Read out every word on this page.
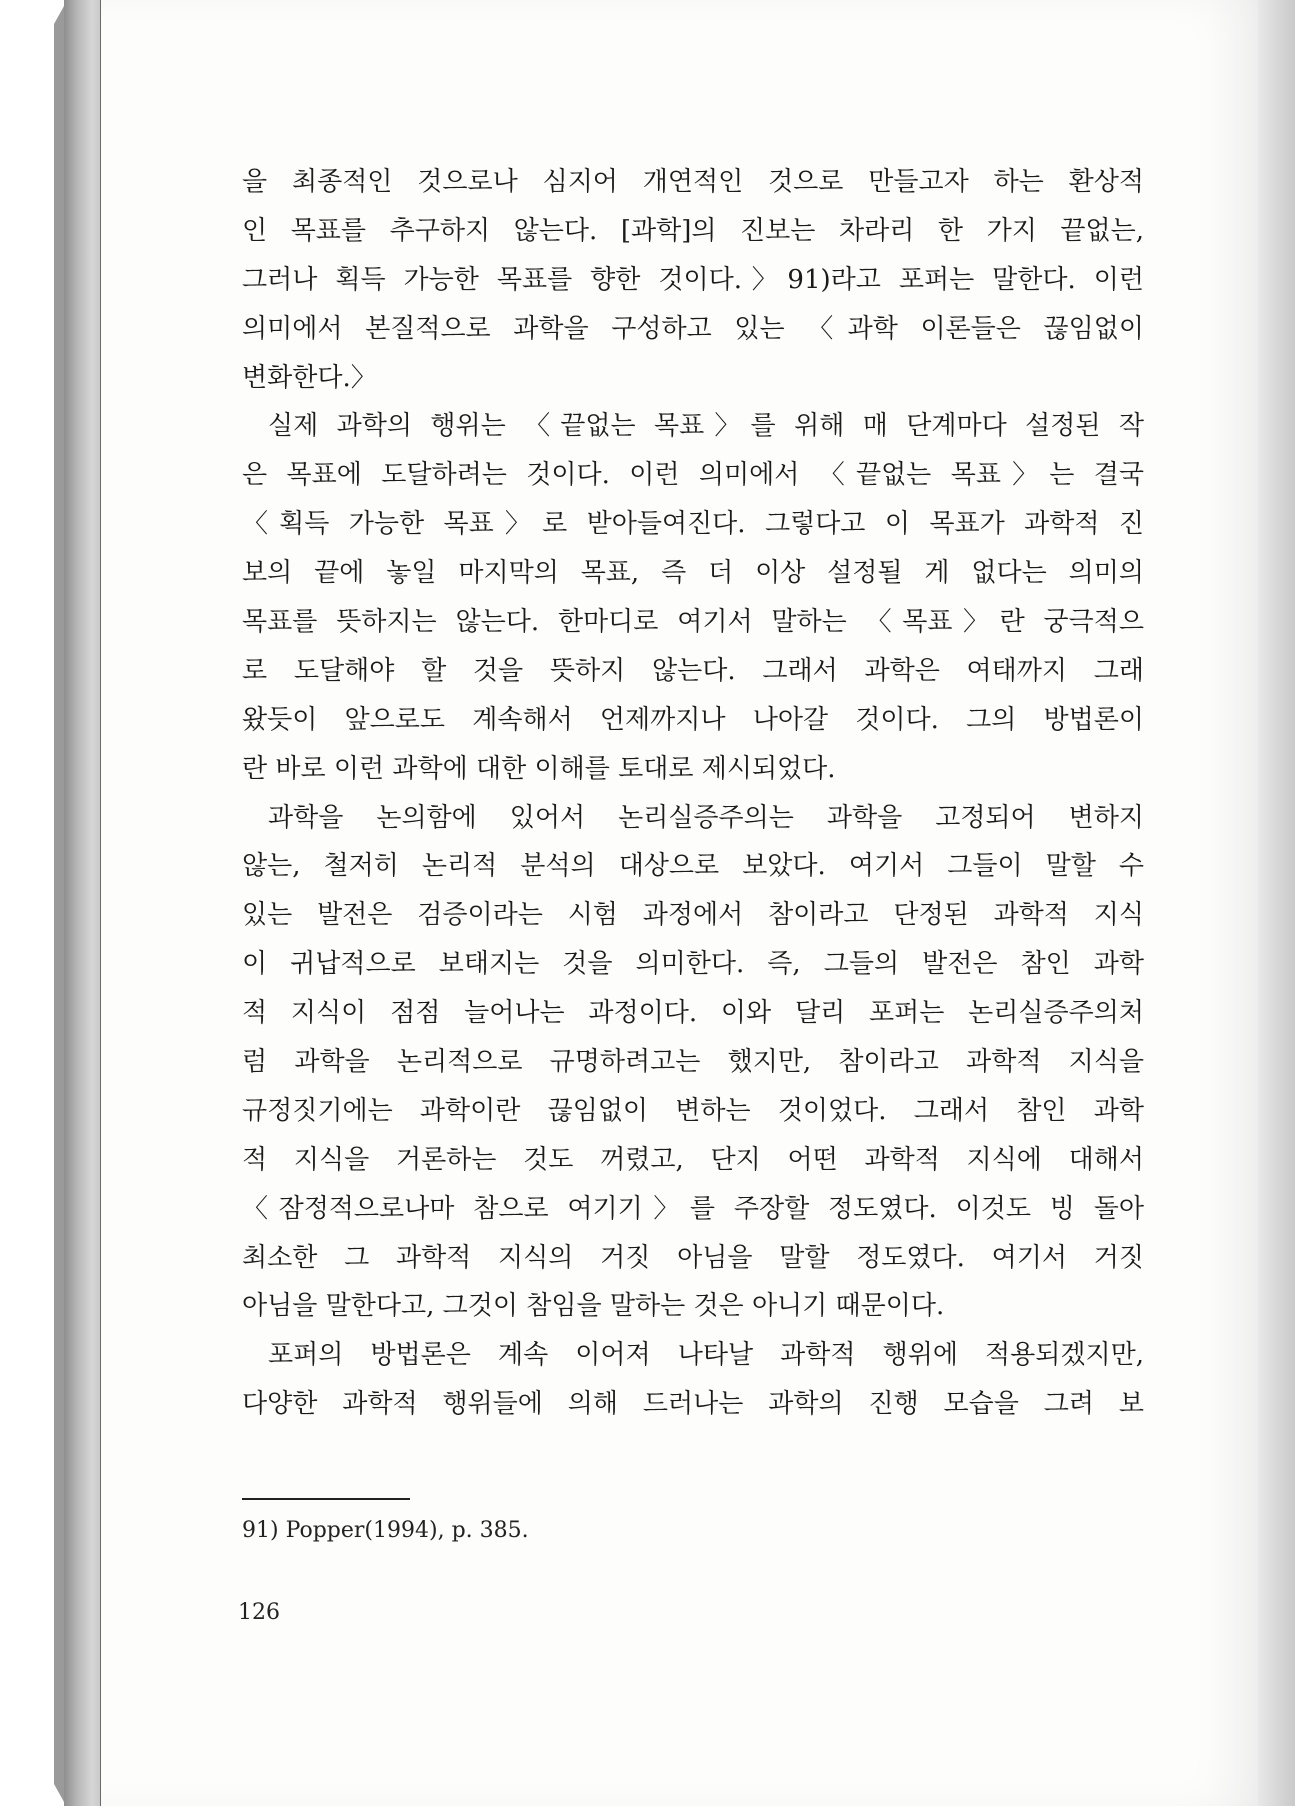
을 최종적인 것으로나 심지어 개연적인 것으로 만들고자 하는 환상적
인 목표를 추구하지 않는다. [과학]의 진보는 차라리 한 가지 끝없는,
그러나 획득 가능한 목표를 향한 것이다.〉91)라고 포퍼는 말한다. 이런
의미에서 본질적으로 과학을 구성하고 있는 〈과학 이론들은 끊임없이
변화한다.〉
실제 과학의 행위는 〈끝없는 목표〉를 위해 매 단계마다 설정된 작
은 목표에 도달하려는 것이다. 이런 의미에서 〈끝없는 목표〉는 결국
〈획득 가능한 목표〉로 받아들여진다. 그렇다고 이 목표가 과학적 진
보의 끝에 놓일 마지막의 목표, 즉 더 이상 설정될 게 없다는 의미의
목표를 뜻하지는 않는다. 한마디로 여기서 말하는 〈목표〉란 궁극적으
로 도달해야 할 것을 뜻하지 않는다. 그래서 과학은 여태까지 그래
왔듯이 앞으로도 계속해서 언제까지나 나아갈 것이다. 그의 방법론이
란 바로 이런 과학에 대한 이해를 토대로 제시되었다.
과학을 논의함에 있어서 논리실증주의는 과학을 고정되어 변하지
않는, 철저히 논리적 분석의 대상으로 보았다. 여기서 그들이 말할 수
있는 발전은 검증이라는 시험 과정에서 참이라고 단정된 과학적 지식
이 귀납적으로 보태지는 것을 의미한다. 즉, 그들의 발전은 참인 과학
적 지식이 점점 늘어나는 과정이다. 이와 달리 포퍼는 논리실증주의처
럼 과학을 논리적으로 규명하려고는 했지만, 참이라고 과학적 지식을
규정짓기에는 과학이란 끊임없이 변하는 것이었다. 그래서 참인 과학
적 지식을 거론하는 것도 꺼렸고, 단지 어떤 과학적 지식에 대해서
〈잠정적으로나마 참으로 여기기〉를 주장할 정도였다. 이것도 빙 돌아
최소한 그 과학적 지식의 거짓 아님을 말할 정도였다. 여기서 거짓
아님을 말한다고, 그것이 참임을 말하는 것은 아니기 때문이다.
포퍼의 방법론은 계속 이어져 나타날 과학적 행위에 적용되겠지만,
다양한 과학적 행위들에 의해 드러나는 과학의 진행 모습을 그려 보
91) Popper(1994), p. 385.
126
